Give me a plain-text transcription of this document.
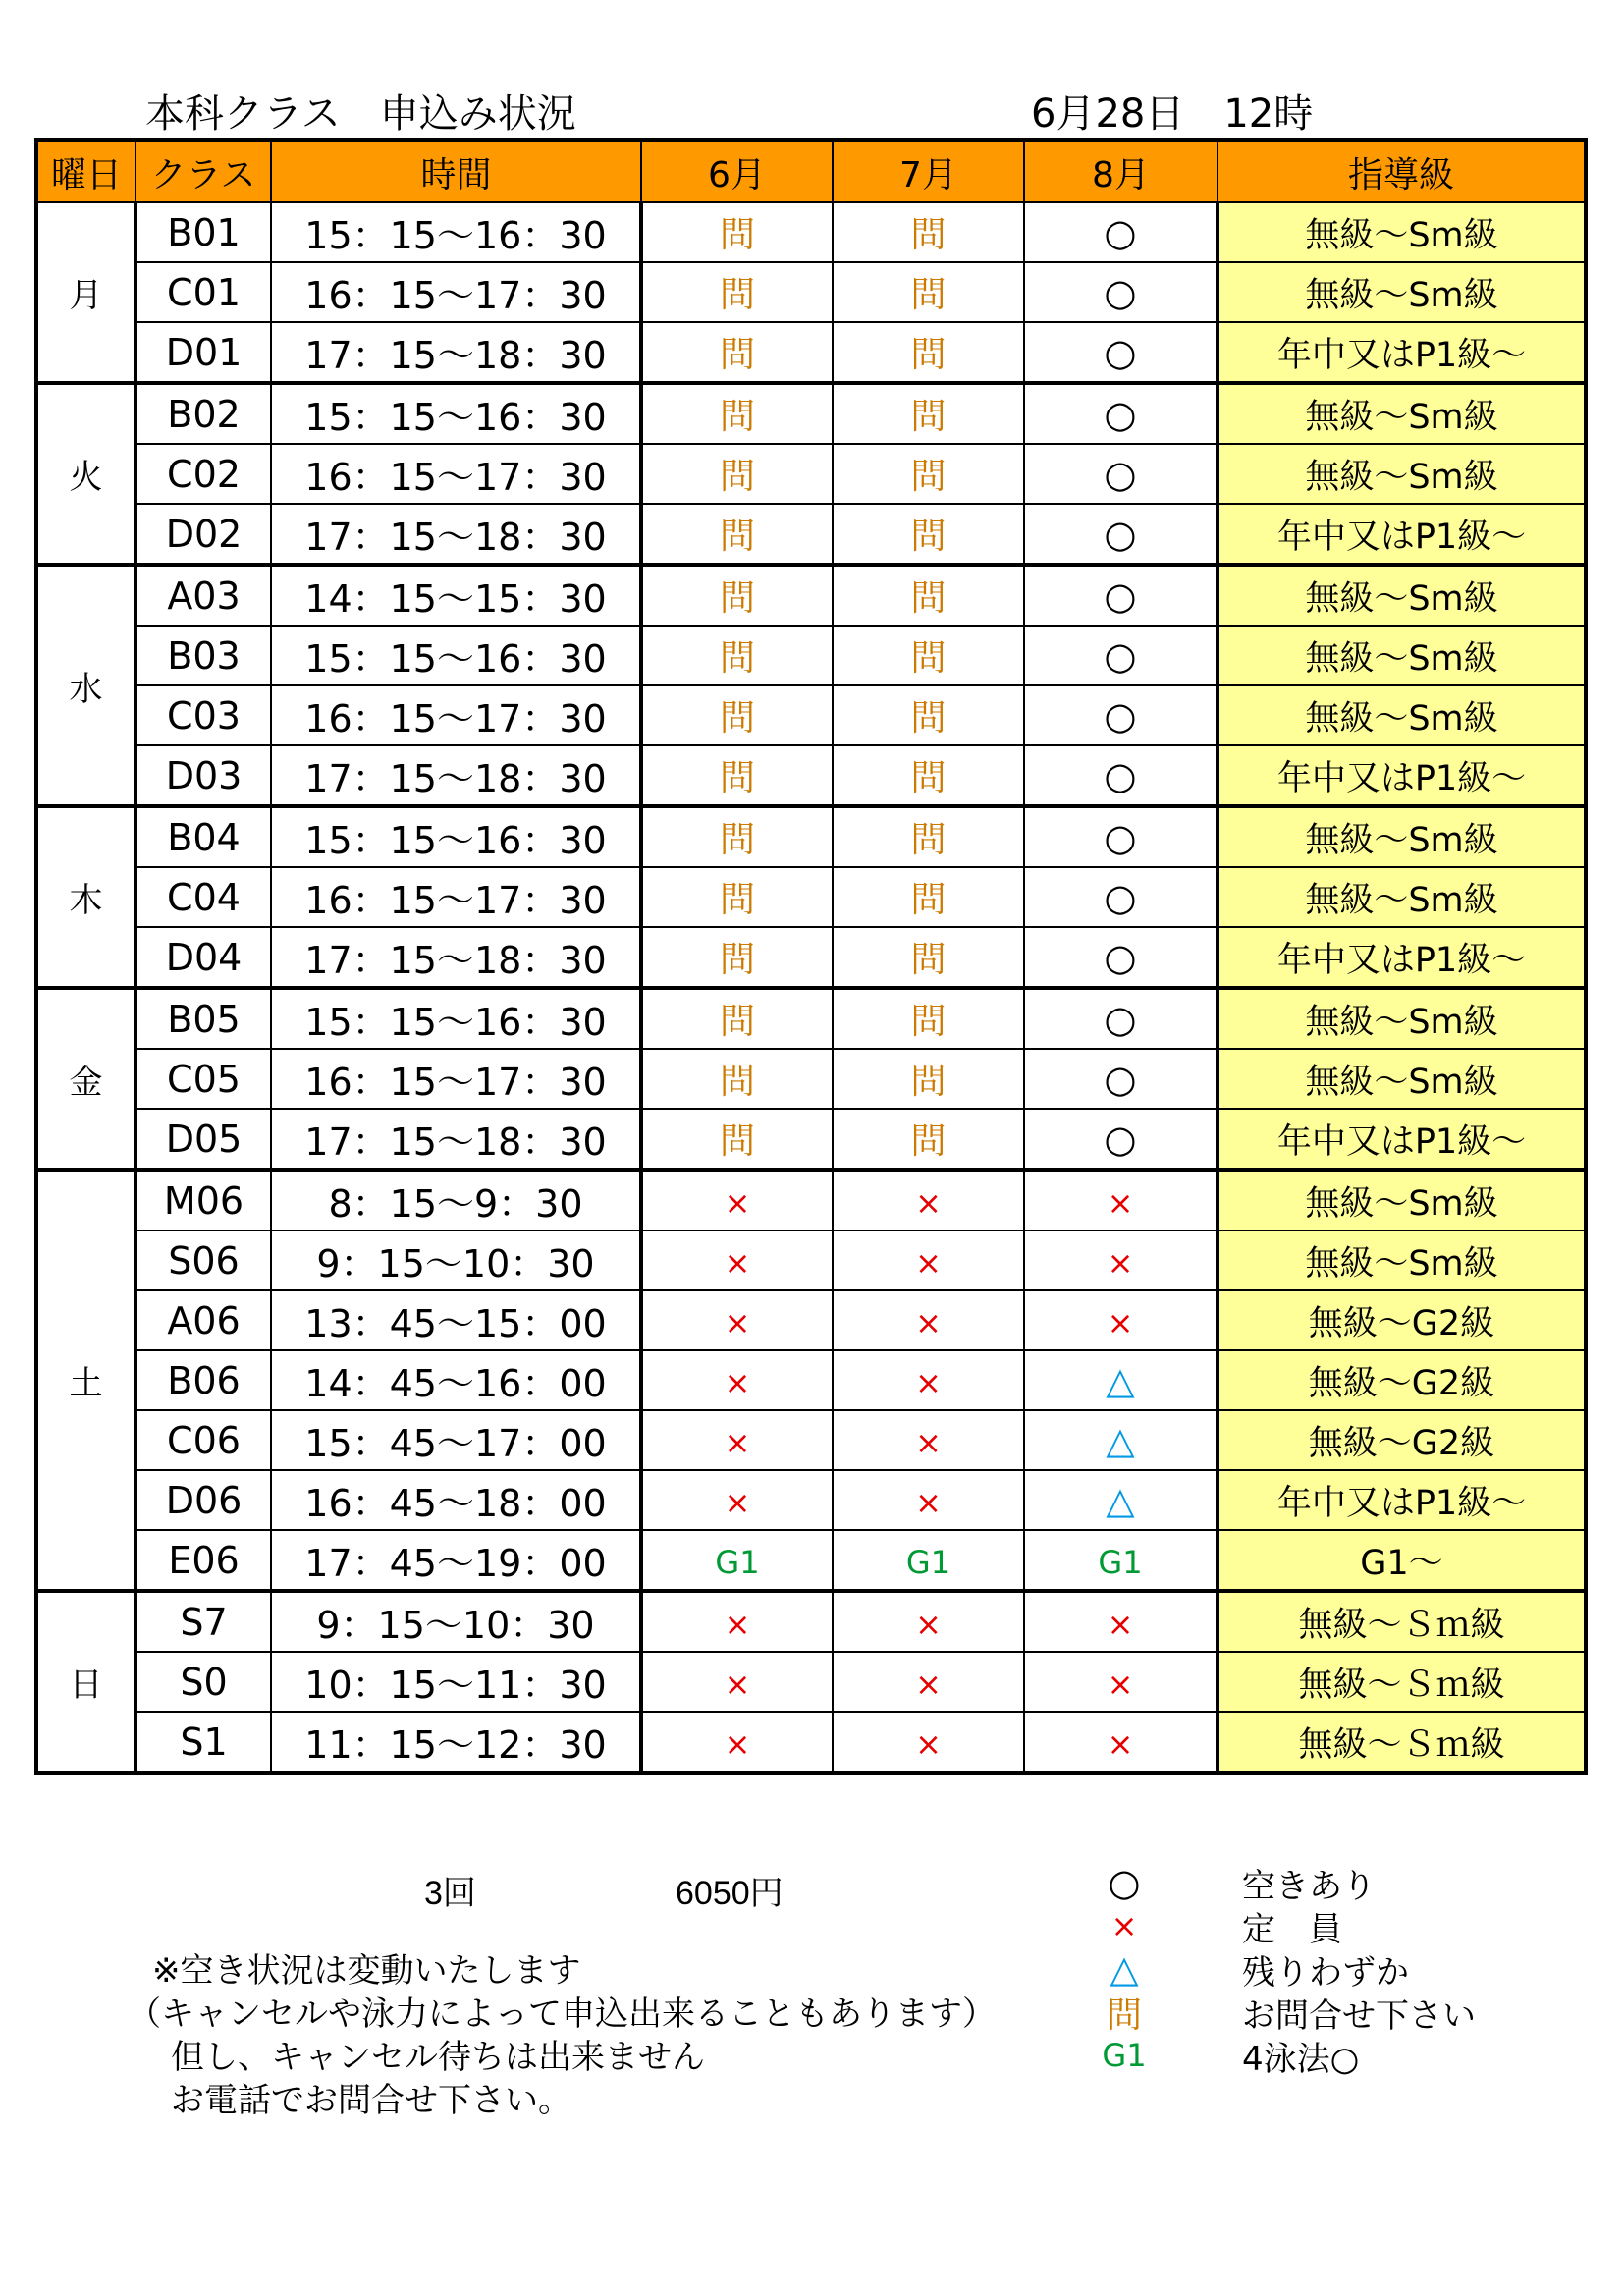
本科クラス　申込み状況	6月28日　12時
曜日	クラス	時間	6月	7月	8月	指導級
月	B01	15：15～16：30	問	問	○	無級～Sm級
	C01	16：15～17：30	問	問	○	無級～Sm級
	D01	17：15～18：30	問	問	○	年中又はP1級～
火	B02	15：15～16：30	問	問	○	無級～Sm級
	C02	16：15～17：30	問	問	○	無級～Sm級
	D02	17：15～18：30	問	問	○	年中又はP1級～
水	A03	14：15～15：30	問	問	○	無級～Sm級
	B03	15：15～16：30	問	問	○	無級～Sm級
	C03	16：15～17：30	問	問	○	無級～Sm級
	D03	17：15～18：30	問	問	○	年中又はP1級～
木	B04	15：15～16：30	問	問	○	無級～Sm級
	C04	16：15～17：30	問	問	○	無級～Sm級
	D04	17：15～18：30	問	問	○	年中又はP1級～
金	B05	15：15～16：30	問	問	○	無級～Sm級
	C05	16：15～17：30	問	問	○	無級～Sm級
	D05	17：15～18：30	問	問	○	年中又はP1級～
土	M06	8：15～9：30	×	×	×	無級～Sm級
	S06	9：15～10：30	×	×	×	無級～Sm級
	A06	13：45～15：00	×	×	×	無級～G2級
	B06	14：45～16：00	×	×	△	無級～G2級
	C06	15：45～17：00	×	×	△	無級～G2級
	D06	16：45～18：00	×	×	△	年中又はP1級～
	E06	17：45～19：00	G1	G1	G1	G1～
日	S7	9：15～10：30	×	×	×	無級～Ｓｍ級
	S0	10：15～11：30	×	×	×	無級～Ｓｍ級
	S1	11：15～12：30	×	×	×	無級～Ｓｍ級
3回	6050円
※空き状況は変動いたします
（キャンセルや泳力によって申込出来ることもあります）
　但し、キャンセル待ちは出来ません
　お電話でお問合せ下さい。
○	空きあり
×	定　員
△	残りわずか
問	お問合せ下さい
G1	4泳法○
